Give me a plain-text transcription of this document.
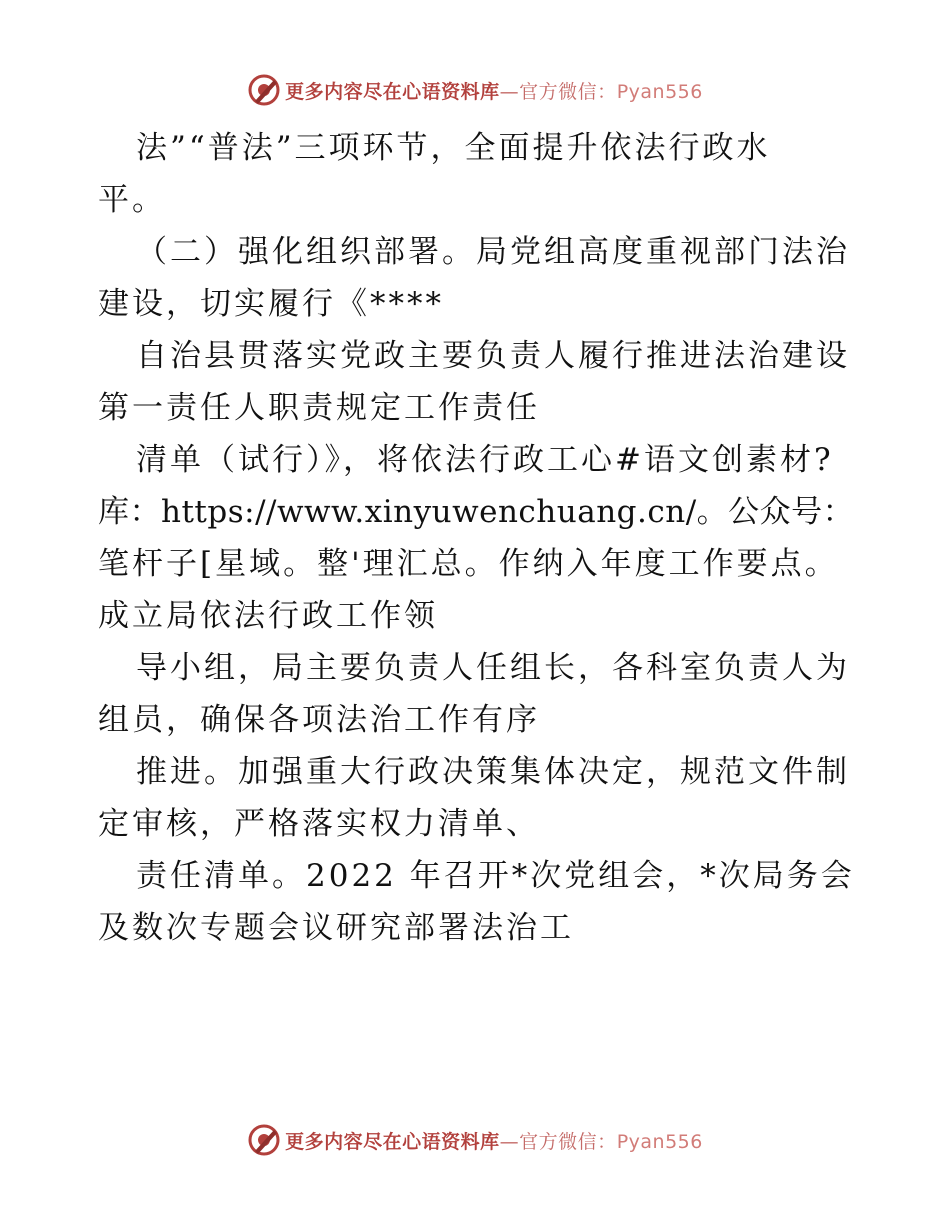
更多内容尽在心语资料库—官方微信：Pyan556
法”“普法”三项环节，全面提升依法行政水
平。
（二）强化组织部署。局党组高度重视部门法治
建设，切实履行《****
自治县贯落实党政主要负责人履行推进法治建设
第一责任人职责规定工作责任
清单（试行）》，将依法行政工心#语文创素材?
库：https://www.xinyuwenchuang.cn/。公众号：
笔杆子[星域。整'理汇总。作纳入年度工作要点。
成立局依法行政工作领
导小组，局主要负责人任组长，各科室负责人为
组员，确保各项法治工作有序
推进。加强重大行政决策集体决定，规范文件制
定审核，严格落实权力清单、
责任清单。2022 年召开*次党组会，*次局务会
及数次专题会议研究部署法治工
更多内容尽在心语资料库—官方微信：Pyan556
